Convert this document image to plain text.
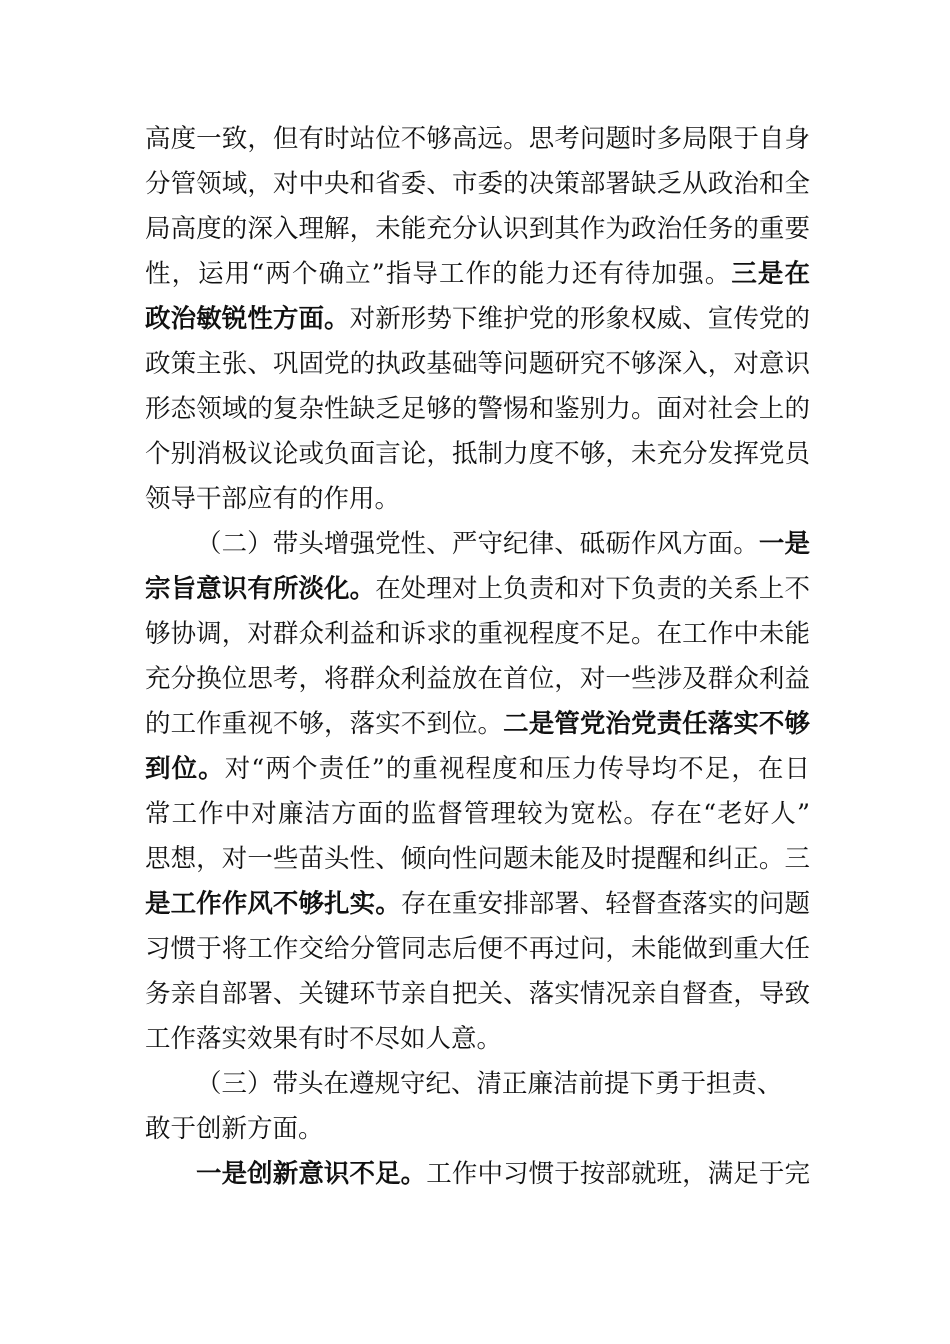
高度一致，但有时站位不够高远。思考问题时多局限于自身
分管领域，对中央和省委、市委的决策部署缺乏从政治和全
局高度的深入理解，未能充分认识到其作为政治任务的重要
性，运用“两个确立”指导工作的能力还有待加强。三是在
政治敏锐性方面。对新形势下维护党的形象权威、宣传党的
政策主张、巩固党的执政基础等问题研究不够深入，对意识
形态领域的复杂性缺乏足够的警惕和鉴别力。面对社会上的
个别消极议论或负面言论，抵制力度不够，未充分发挥党员
领导干部应有的作用。
（二）带头增强党性、严守纪律、砥砺作风方面。一是
宗旨意识有所淡化。在处理对上负责和对下负责的关系上不
够协调，对群众利益和诉求的重视程度不足。在工作中未能
充分换位思考，将群众利益放在首位，对一些涉及群众利益
的工作重视不够，落实不到位。二是管党治党责任落实不够
到位。对“两个责任”的重视程度和压力传导均不足，在日
常工作中对廉洁方面的监督管理较为宽松。存在“老好人”
思想，对一些苗头性、倾向性问题未能及时提醒和纠正。三
是工作作风不够扎实。存在重安排部署、轻督查落实的问题
习惯于将工作交给分管同志后便不再过问，未能做到重大任
务亲自部署、关键环节亲自把关、落实情况亲自督查，导致
工作落实效果有时不尽如人意。
（三）带头在遵规守纪、清正廉洁前提下勇于担责、
敢于创新方面。
一是创新意识不足。工作中习惯于按部就班，满足于完
